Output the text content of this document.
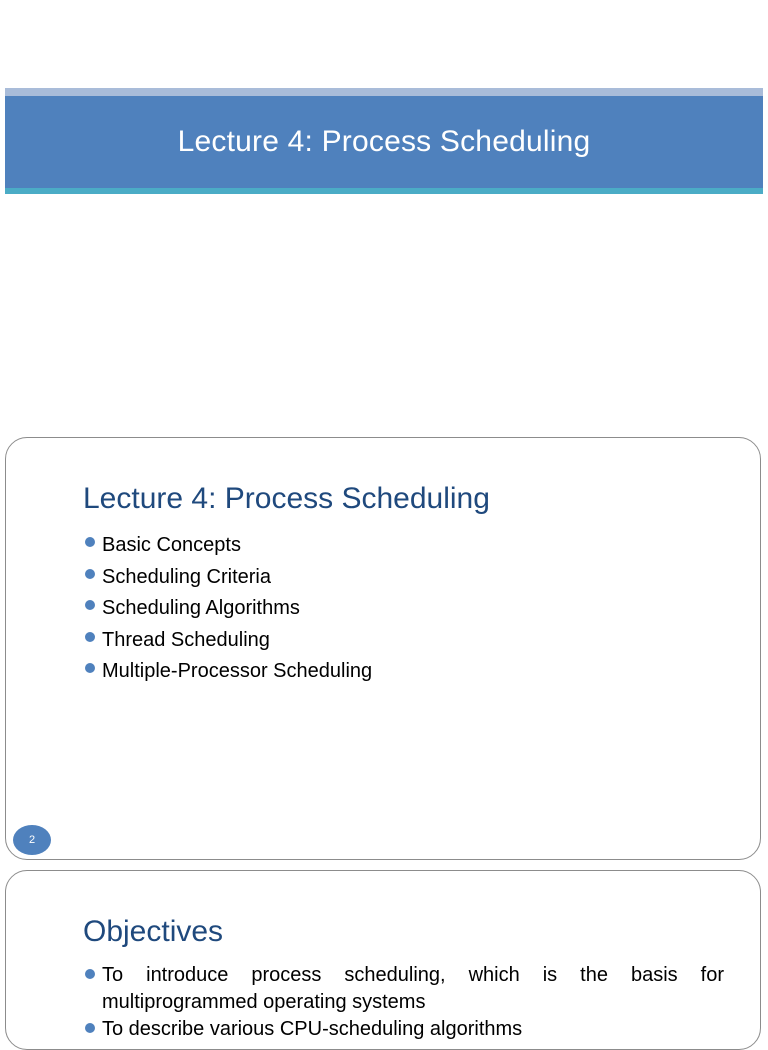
Lecture 4: Process Scheduling
Lecture 4: Process Scheduling
Basic Concepts
Scheduling Criteria
Scheduling Algorithms
Thread Scheduling
Multiple-Processor Scheduling
2
Objectives
To introduce process scheduling, which is the basis for multiprogrammed operating systems
To describe various CPU-scheduling algorithms
